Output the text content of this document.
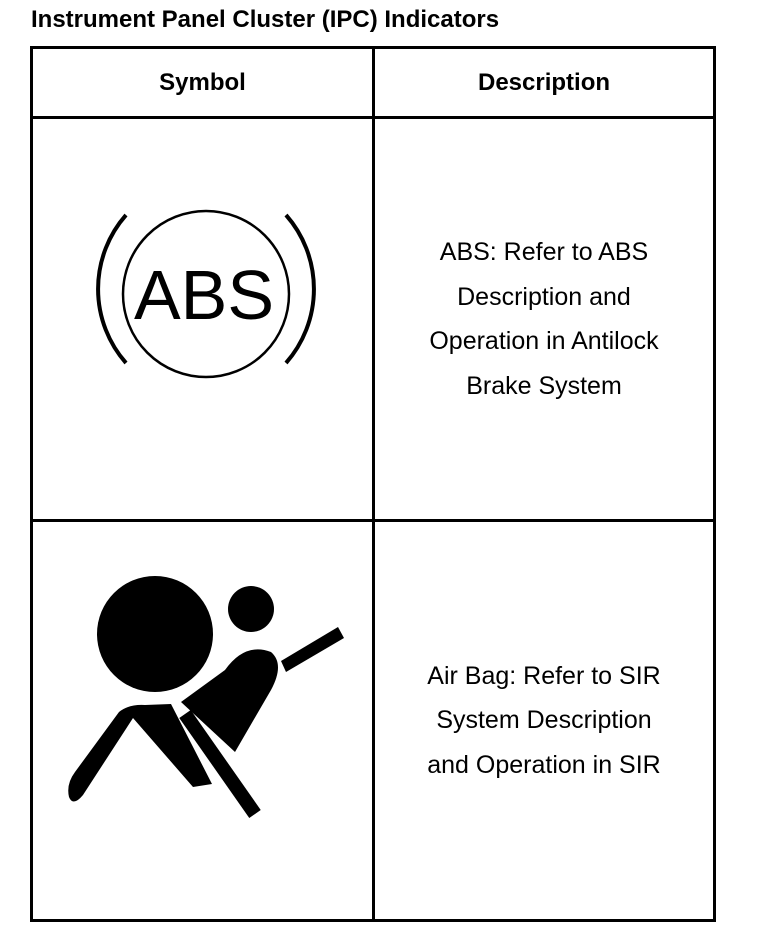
Instrument Panel Cluster (IPC) Indicators
Symbol	Description
ABS
ABS: Refer to ABS
Description and
Operation in Antilock
Brake System
Air Bag: Refer to SIR
System Description
and Operation in SIR
